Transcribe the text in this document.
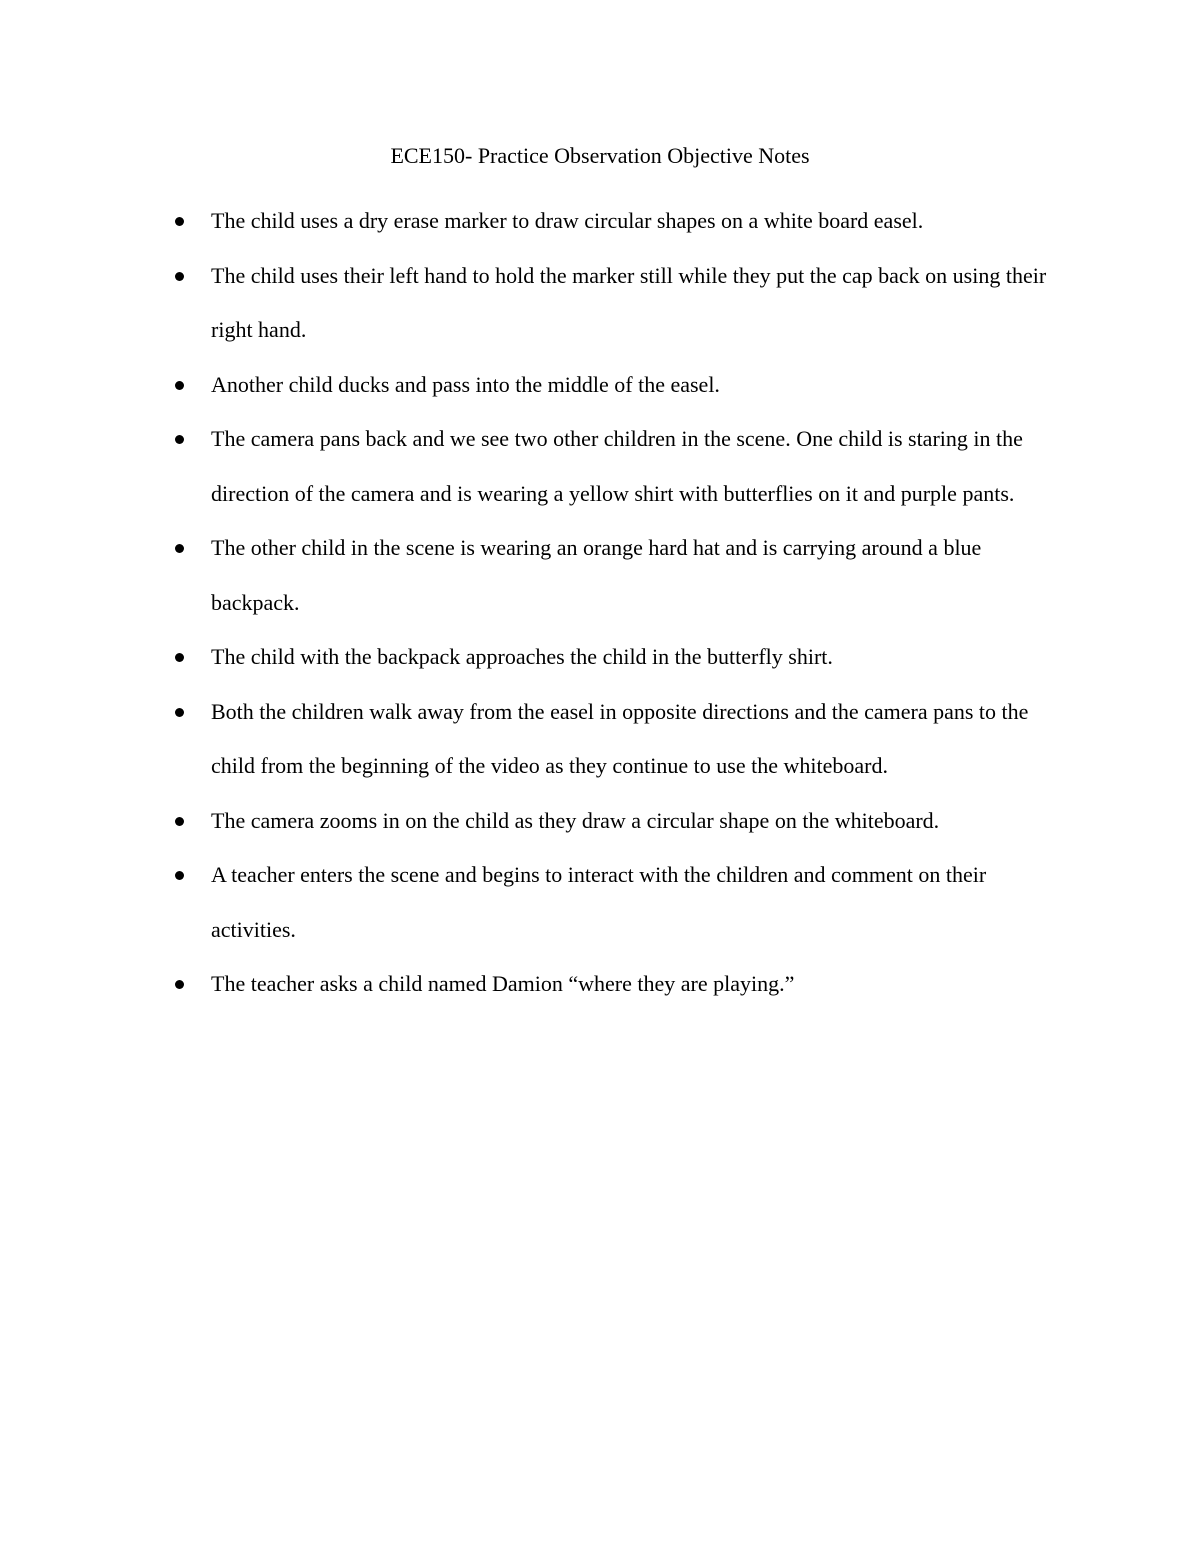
ECE150- Practice Observation Objective Notes
The child uses a dry erase marker to draw circular shapes on a white board easel.
The child uses their left hand to hold the marker still while they put the cap back on using their right hand.
Another child ducks and pass into the middle of the easel.
The camera pans back and we see two other children in the scene. One child is staring in the direction of the camera and is wearing a yellow shirt with butterflies on it and purple pants.
The other child in the scene is wearing an orange hard hat and is carrying around a blue backpack.
The child with the backpack approaches the child in the butterfly shirt.
Both the children walk away from the easel in opposite directions and the camera pans to the child from the beginning of the video as they continue to use the whiteboard.
The camera zooms in on the child as they draw a circular shape on the whiteboard.
A teacher enters the scene and begins to interact with the children and comment on their activities.
The teacher asks a child named Damion “where they are playing.”
